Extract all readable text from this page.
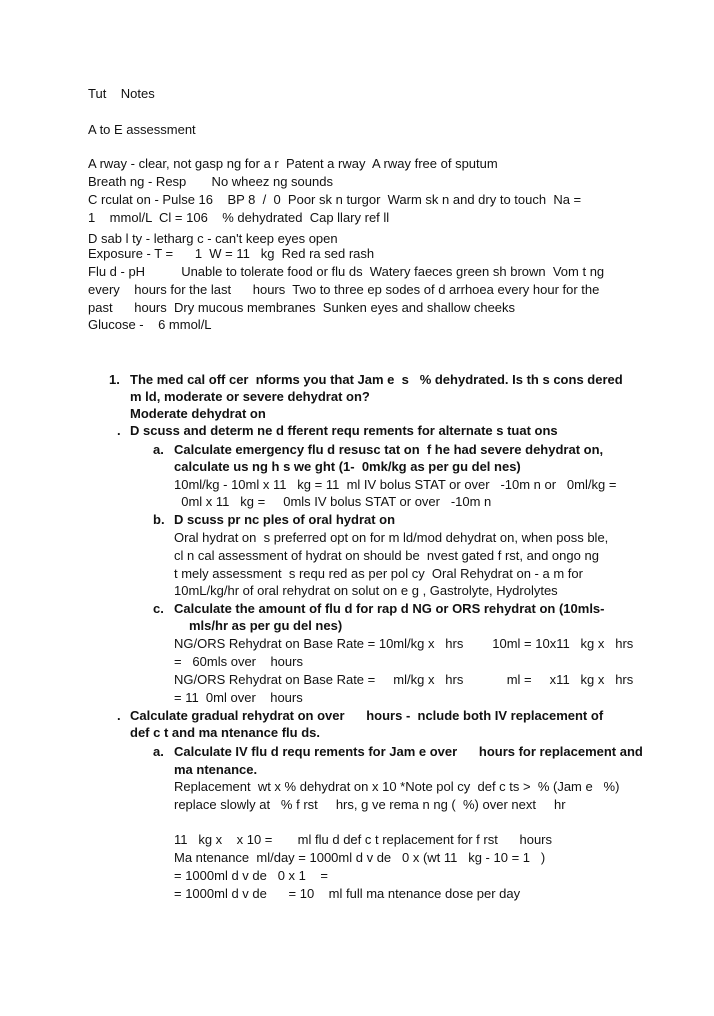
Tut    Notes
A to E assessment
A rway - clear, not gasp ng for a r  Patent a rway  A rway free of sputum
Breath ng - Resp       No wheez ng sounds
C rculat on - Pulse 16    BP 8  /  0  Poor sk n turgor  Warm sk n and dry to touch  Na =
1    mmol/L  Cl = 106    % dehydrated  Cap llary ref ll
D sab l ty - letharg c - can't keep eyes open
Exposure - T =      1  W = 11   kg  Red ra sed rash
Flu d - pH          Unable to tolerate food or flu ds  Watery faeces green sh brown  Vom t ng
every    hours for the last      hours  Two to three ep sodes of d arrhoea every hour for the
past      hours  Dry mucous membranes  Sunken eyes and shallow cheeks
Glucose -    6 mmol/L
1. The med cal off cer  nforms you that Jam e  s   % dehydrated. Is th s cons dered
m ld, moderate or severe dehydrat on?
Moderate dehydrat on
. D scuss and determ ne d fferent requ rements for alternate s tuat ons
a. Calculate emergency flu d resusc tat on  f he had severe dehydrat on,
calculate us ng h s we ght (1-  0mk/kg as per gu del nes)
10ml/kg - 10ml x 11   kg = 11  ml IV bolus STAT or over   -10m n or   0ml/kg =
0ml x 11   kg =     0mls IV bolus STAT or over   -10m n
b. D scuss pr nc ples of oral hydrat on
Oral hydrat on  s preferred opt on for m ld/mod dehydrat on, when poss ble,
cl n cal assessment of hydrat on should be  nvest gated f rst, and ongo ng
t mely assessment  s requ red as per pol cy  Oral Rehydrat on - a m for
10mL/kg/hr of oral rehydrat on solut on e g , Gastrolyte, Hydrolytes
c. Calculate the amount of flu d for rap d NG or ORS rehydrat on (10mls-
mls/hr as per gu del nes)
NG/ORS Rehydrat on Base Rate = 10ml/kg x   hrs        10ml = 10x11   kg x   hrs
=   60mls over    hours
NG/ORS Rehydrat on Base Rate =     ml/kg x   hrs            ml =     x11   kg x   hrs
= 11  0ml over    hours
. Calculate gradual rehydrat on over      hours -  nclude both IV replacement of
def c t and ma ntenance flu ds.
a. Calculate IV flu d requ rements for Jam e over      hours for replacement and
ma ntenance.
Replacement  wt x % dehydrat on x 10 *Note pol cy  def c ts >  % (Jam e   %)
replace slowly at   % f rst     hrs, g ve rema n ng (  %) over next     hr
11   kg x    x 10 =       ml flu d def c t replacement for f rst      hours
Ma ntenance  ml/day = 1000ml d v de   0 x (wt 11   kg - 10 = 1   )
= 1000ml d v de   0 x 1    =
= 1000ml d v de      = 10    ml full ma ntenance dose per day
